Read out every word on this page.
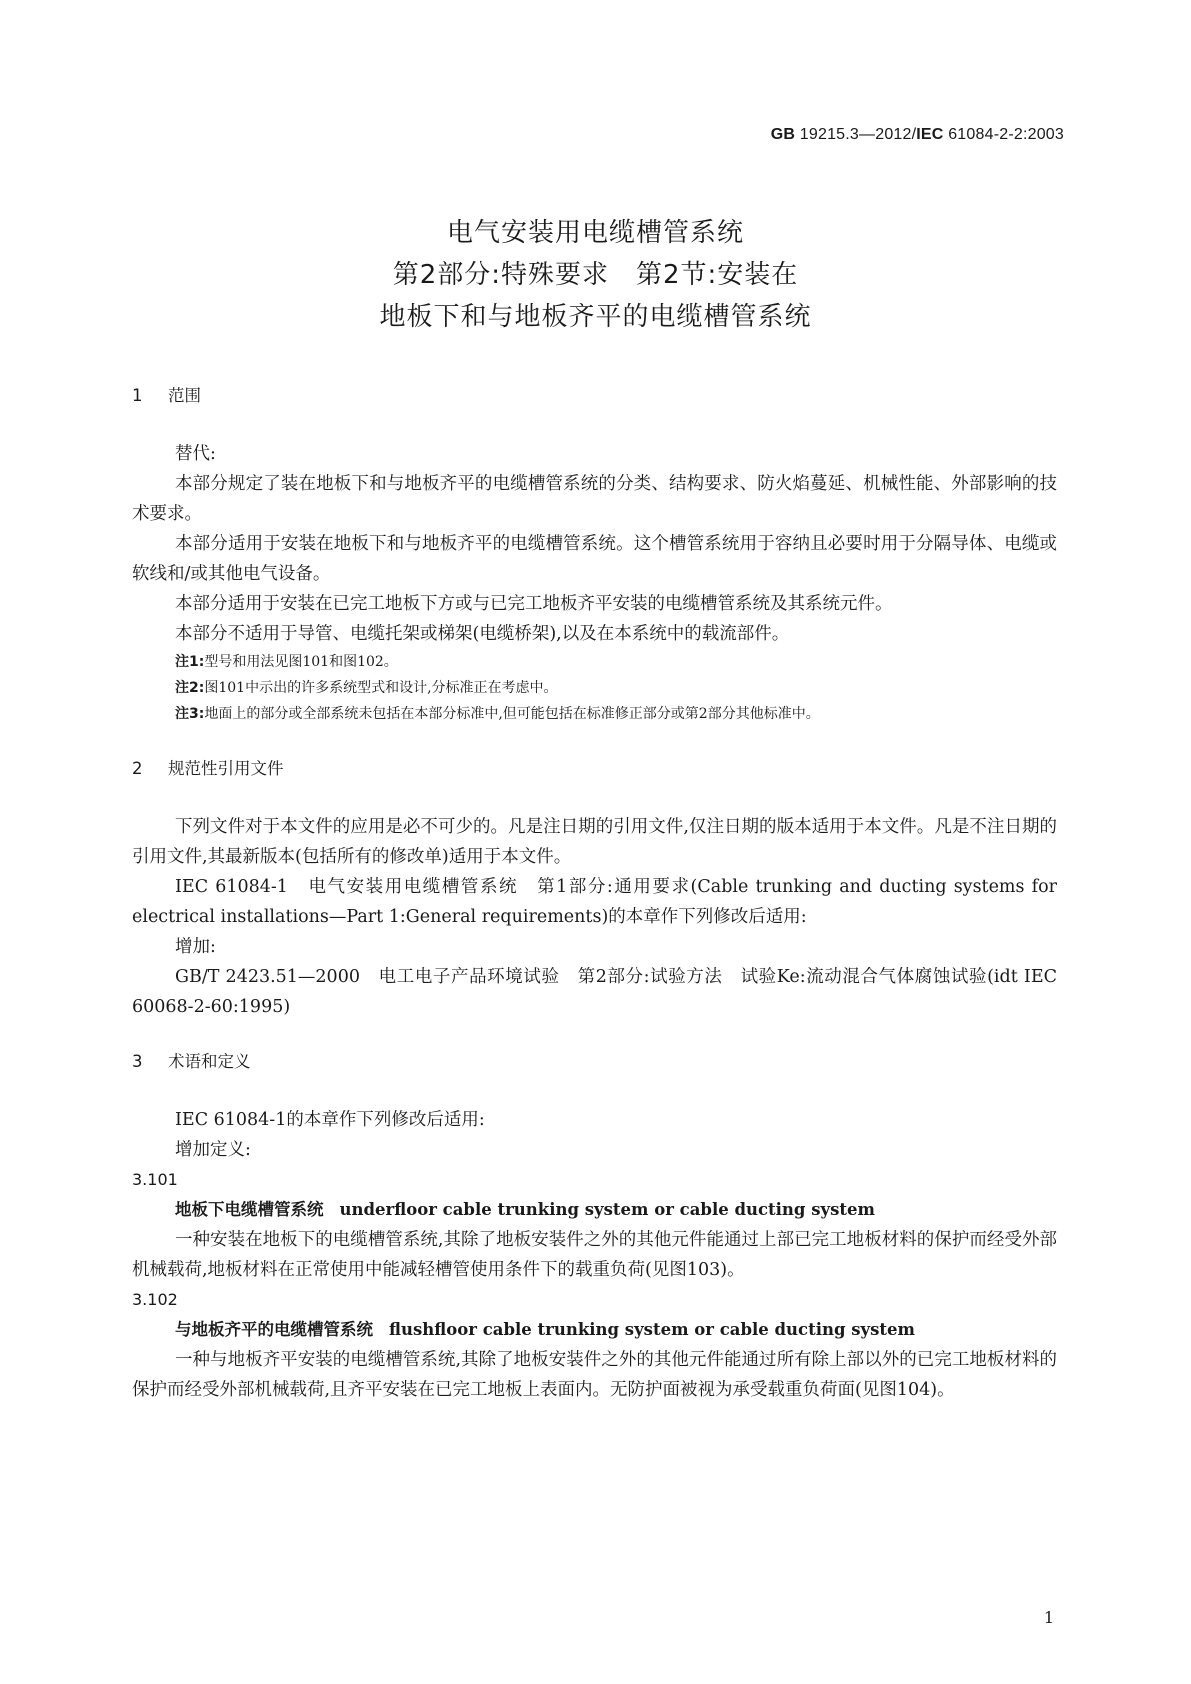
GB 19215.3—2012/IEC 61084-2-2:2003
电气安装用电缆槽管系统
第2部分:特殊要求　第2节:安装在
地板下和与地板齐平的电缆槽管系统
1 范围

替代:

本部分规定了装在地板下和与地板齐平的电缆槽管系统的分类、结构要求、防火焰蔓延、机械性能、外部影响的技术要求。

本部分适用于安装在地板下和与地板齐平的电缆槽管系统。这个槽管系统用于容纳且必要时用于分隔导体、电缆或软线和/或其他电气设备。

本部分适用于安装在已完工地板下方或与已完工地板齐平安装的电缆槽管系统及其系统元件。

本部分不适用于导管、电缆托架或梯架(电缆桥架),以及在本系统中的载流部件。

注1:型号和用法见图101和图102。

注2:图101中示出的许多系统型式和设计,分标准正在考虑中。

注3:地面上的部分或全部系统未包括在本部分标准中,但可能包括在标准修正部分或第2部分其他标准中。

2 规范性引用文件

下列文件对于本文件的应用是必不可少的。凡是注日期的引用文件,仅注日期的版本适用于本文件。凡是不注日期的引用文件,其最新版本(包括所有的修改单)适用于本文件。

IEC 61084-1　电气安装用电缆槽管系统　第1部分:通用要求(Cable trunking and ducting systems for electrical installations—Part 1:General requirements)的本章作下列修改后适用:

增加:

GB/T 2423.51—2000　电工电子产品环境试验　第2部分:试验方法　试验Ke:流动混合气体腐蚀试验(idt IEC 60068-2-60:1995)

3 术语和定义

IEC 61084-1的本章作下列修改后适用:

增加定义:

3.101

地板下电缆槽管系统 underfloor cable trunking system or cable ducting system

一种安装在地板下的电缆槽管系统,其除了地板安装件之外的其他元件能通过上部已完工地板材料的保护而经受外部机械载荷,地板材料在正常使用中能减轻槽管使用条件下的载重负荷(见图103)。

3.102

与地板齐平的电缆槽管系统 flushfloor cable trunking system or cable ducting system

一种与地板齐平安装的电缆槽管系统,其除了地板安装件之外的其他元件能通过所有除上部以外的已完工地板材料的保护而经受外部机械载荷,且齐平安装在已完工地板上表面内。无防护面被视为承受载重负荷面(见图104)。

1
